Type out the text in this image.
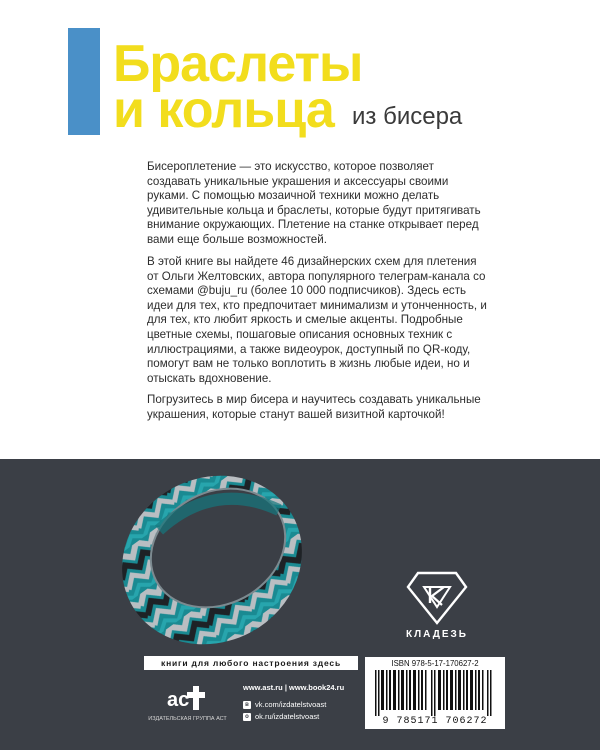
Браслеты
и кольца из бисера

Бисероплетение — это искусство, которое позволяет создавать уникальные украшения и аксессуары своими руками. С помощью мозаичной техники можно делать удивительные кольца и браслеты, которые будут притягивать внимание окружающих. Плетение на станке открывает перед вами еще больше возможностей.

В этой книге вы найдете 46 дизайнерских схем для плетения от Ольги Желтовских, автора популярного телеграм-канала со схемами @buju_ru (более 10 000 подписчиков). Здесь есть идеи для тех, кто предпочитает минимализм и утонченность, и для тех, кто любит яркость и смелые акценты. Подробные цветные схемы, пошаговые описания основных техник с иллюстрациями, а также видеоурок, доступный по QR-коду, помогут вам не только воплотить в жизнь любые идеи, но и отыскать вдохновение.

Погрузитесь в мир бисера и научитесь создавать уникальные украшения, которые станут вашей визитной карточкой!

КЛАДЕЗЬ
книги для любого настроения здесь
ac
ИЗДАТЕЛЬСКАЯ ГРУППА АСТ
www.ast.ru | www.book24.ru
в vk.com/izdatelstvoast
о ok.ru/izdatelstvoast
ISBN 978-5-17-170627-2
9 785171 706272
